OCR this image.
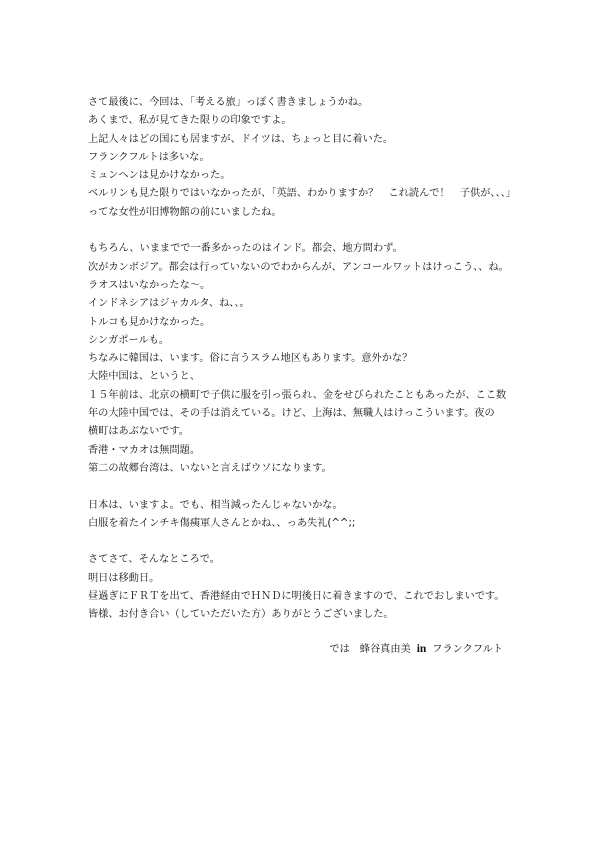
さて最後に、今回は、「考える旅」っぽく書きましょうかね。
あくまで、私が見てきた限りの印象ですよ。
上記人々はどの国にも居ますが、ドイツは、ちょっと目に着いた。
フランクフルトは多いな。
ミュンヘンは見かけなかった。
ベルリンも見た限りではいなかったが、「英語、わかりますか？　これ読んで！　子供が、、、」
ってな女性が旧博物館の前にいましたね。
もちろん、いままでで一番多かったのはインド。都会、地方問わず。
次がカンボジア。都会は行っていないのでわからんが、アンコールワットはけっこう、、ね。
ラオスはいなかったな〜。
インドネシアはジャカルタ、ね、、。
トルコも見かけなかった。
シンガポールも。
ちなみに韓国は、います。俗に言うスラム地区もあります。意外かな？
大陸中国は、というと、
１５年前は、北京の横町で子供に服を引っ張られ、金をせびられたこともあったが、ここ数
年の大陸中国では、その手は消えている。けど、上海は、無職人はけっこういます。夜の
横町はあぶないです。
香港・マカオは無問題。
第二の故郷台湾は、いないと言えばウソになります。
日本は、いますよ。でも、相当減ったんじゃないかな。
白服を着たインチキ傷痍軍人さんとかね、、っあ失礼(^^;;
さてさて、そんなところで。
明日は移動日。
昼過ぎにＦＲＴを出て、香港経由でＨＮＤに明後日に着きますので、これでおしまいです。
皆様、お付き合い（していただいた方）ありがとうございました。
では 蜂谷真由美 in フランクフルト
